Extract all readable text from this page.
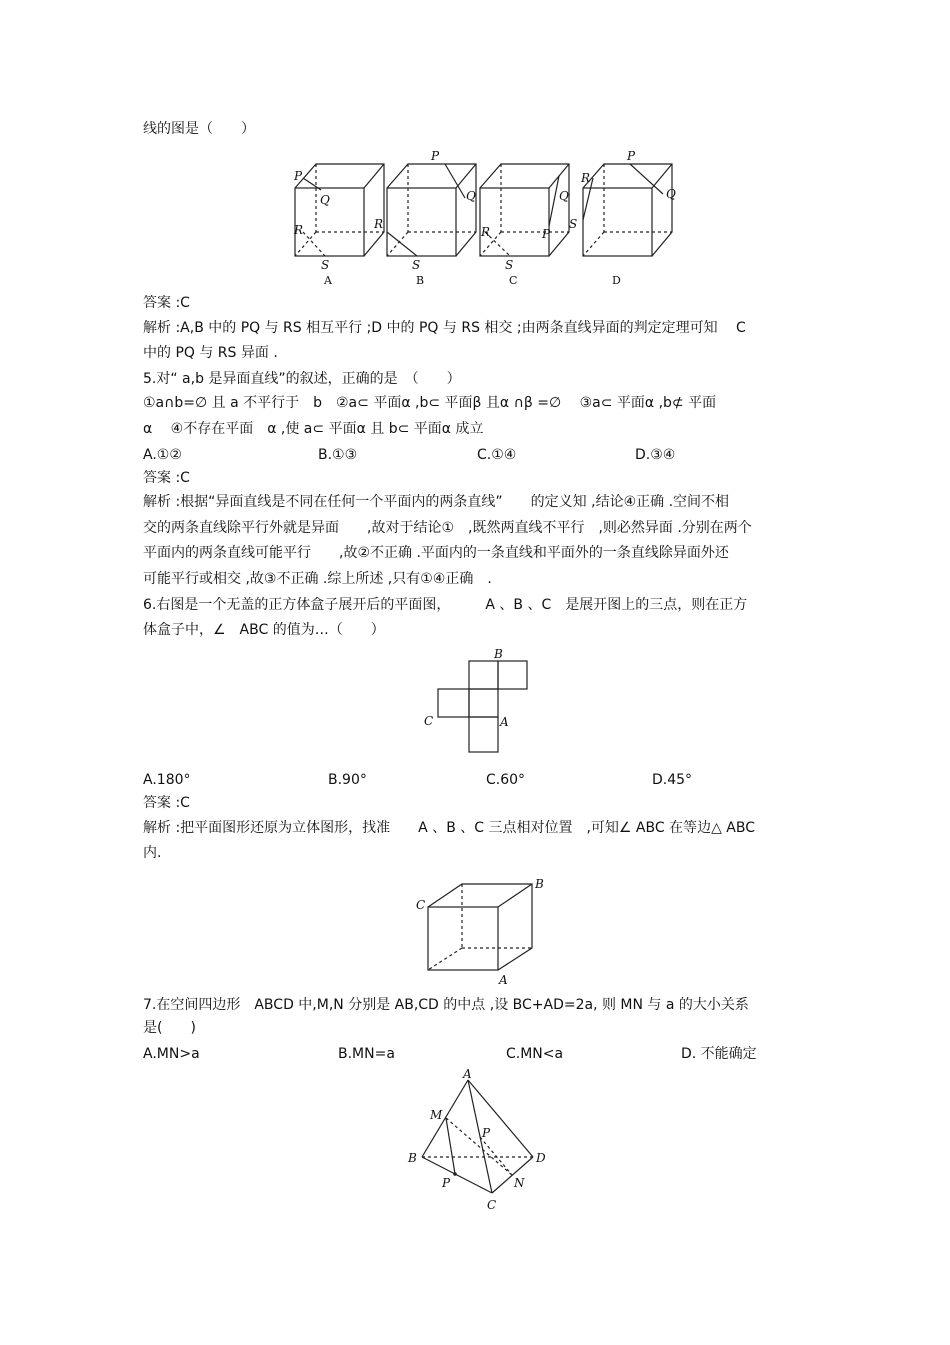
线的图是（　　）
P
Q
R
S
A
P
Q
R
S
B
Q
P
R
S
C
P
Q
R
S
D
答案 :C
解析 :A,B 中的 PQ 与 RS 相互平行 ;D 中的 PQ 与 RS 相交 ;由两条直线异面的判定定理可知　 C
中的 PQ 与 RS 异面 .
5.对“ a,b 是异面直线”的叙述，正确的是　（　　）
①a∩b=∅ 且 a 不平行于　b　②a⊂ 平面α ,b⊂ 平面β 且α ∩β =∅　 ③a⊂ 平面α ,b⊄ 平面
α　 ④不存在平面　α ,使 a⊂ 平面α 且 b⊂ 平面α 成立
A.①②	B.①③	C.①④	D.③④
答案 :C
解析 :根据“异面直线是不同在任何一个平面内的两条直线”　　的定义知 ,结论④正确 .空间不相
交的两条直线除平行外就是异面　　,故对于结论①　,既然两直线不平行　,则必然异面 .分别在两个
平面内的两条直线可能平行　　,故②不正确 .平面内的一条直线和平面外的一条直线除异面外还
可能平行或相交 ,故③不正确 .综上所述 ,只有①④正确　.
6.右图是一个无盖的正方体盒子展开后的平面图，　　　A 、B 、C　是展开图上的三点，则在正方
体盒子中，∠　ABC 的值为…（　　）
B
C	A
A.180°	B.90°	C.60°	D.45°
答案 :C
解析 :把平面图形还原为立体图形，找准　　A 、B 、C 三点相对位置　,可知∠ ABC 在等边△ ABC
内.
B
C
A
7.在空间四边形　ABCD 中,M,N 分别是 AB,CD 的中点 ,设 BC+AD=2a, 则 MN 与 a 的大小关系
是(　　)
A.MN>a	B.MN=a	C.MN<a	D. 不能确定
A
M
P
B	D
N
P
C
